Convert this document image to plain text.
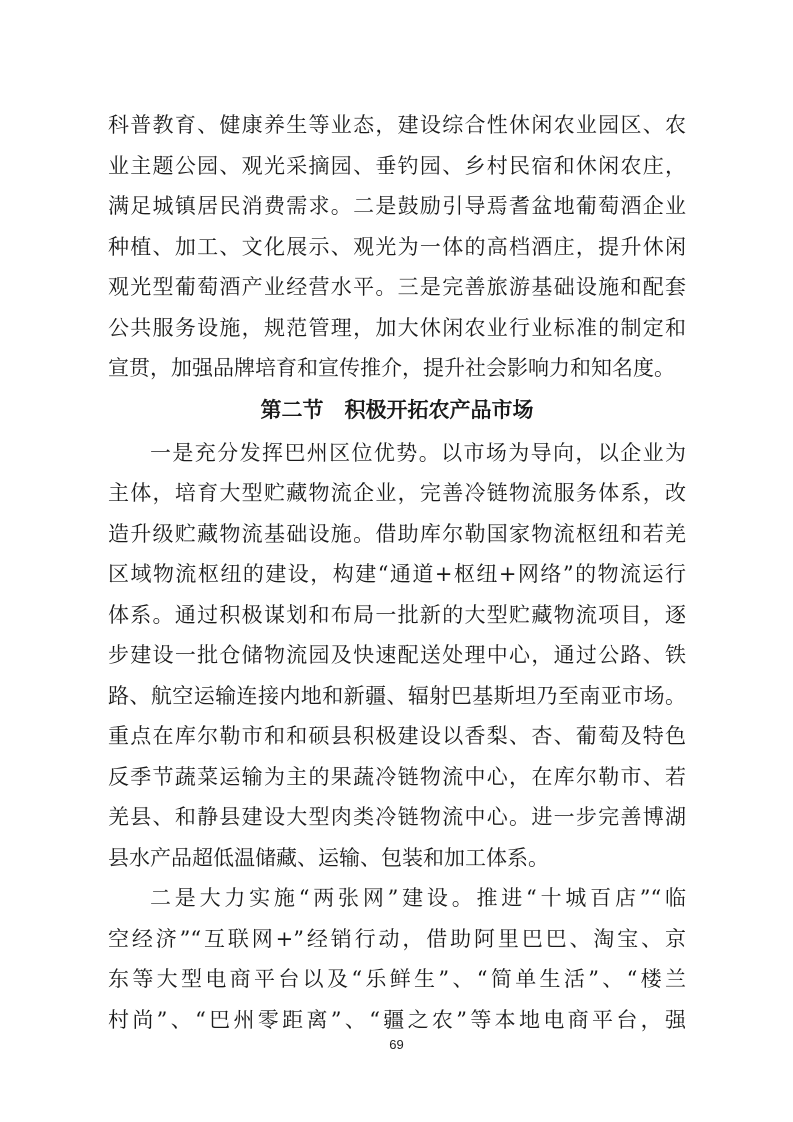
科普教育、健康养生等业态，建设综合性休闲农业园区、农
业主题公园、观光采摘园、垂钓园、乡村民宿和休闲农庄，
满足城镇居民消费需求。二是鼓励引导焉耆盆地葡萄酒企业
种植、加工、文化展示、观光为一体的高档酒庄，提升休闲
观光型葡萄酒产业经营水平。三是完善旅游基础设施和配套
公共服务设施，规范管理，加大休闲农业行业标准的制定和
宣贯，加强品牌培育和宣传推介，提升社会影响力和知名度。
第二节　积极开拓农产品市场
一是充分发挥巴州区位优势。以市场为导向，以企业为
主体，培育大型贮藏物流企业，完善冷链物流服务体系，改
造升级贮藏物流基础设施。借助库尔勒国家物流枢纽和若羌
区域物流枢纽的建设，构建“通道+枢纽+网络”的物流运行
体系。通过积极谋划和布局一批新的大型贮藏物流项目，逐
步建设一批仓储物流园及快速配送处理中心，通过公路、铁
路、航空运输连接内地和新疆、辐射巴基斯坦乃至南亚市场。
重点在库尔勒市和和硕县积极建设以香梨、杏、葡萄及特色
反季节蔬菜运输为主的果蔬冷链物流中心，在库尔勒市、若
羌县、和静县建设大型肉类冷链物流中心。进一步完善博湖
县水产品超低温储藏、运输、包装和加工体系。
二是大力实施“两张网”建设。推进“十城百店”“临
空经济”“互联网+”经销行动，借助阿里巴巴、淘宝、京
东等大型电商平台以及“乐鲜生”、“简单生活”、“楼兰
村尚”、“巴州零距离”、“疆之农”等本地电商平台，强
69
